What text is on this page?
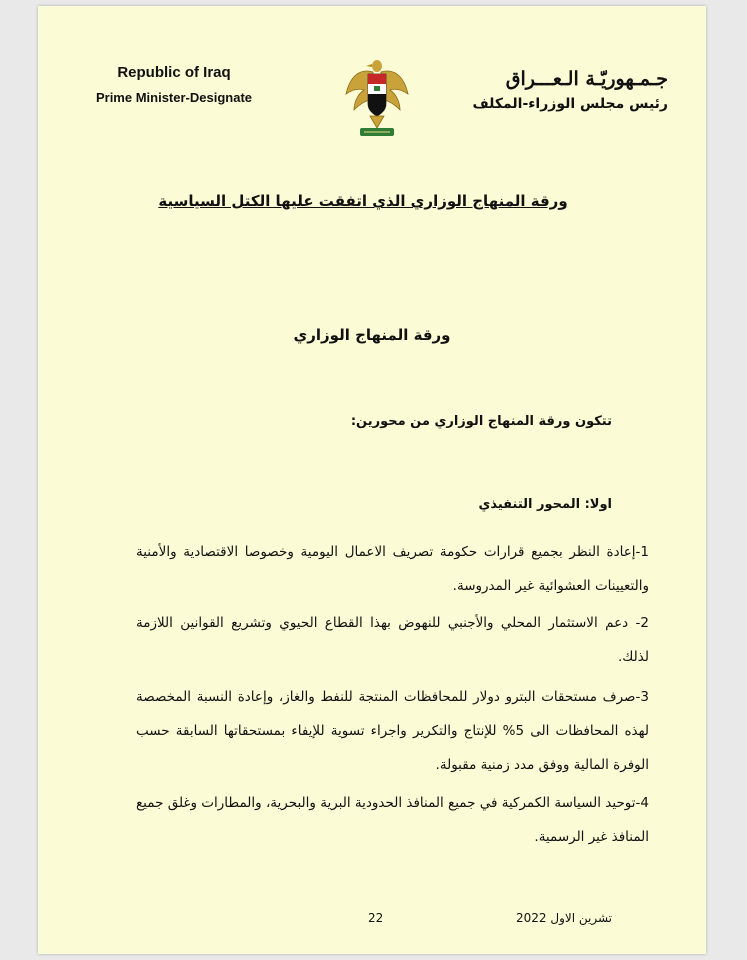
Republic of Iraq
Prime Minister-Designate
جـمـهوريّـة الـعـــراق
رئيس مجلس الوزراء-المكلف
ورقة المنهاج الوزاري الذي اتفقت عليها الكتل السياسية
ورقة المنهاج الوزاري
تتكون ورقة المنهاج الوزاري من محورين:
اولا: المحور التنفيذي
1-إعادة النظر بجميع قرارات حكومة تصريف الاعمال اليومية وخصوصا الاقتصادية والأمنية والتعيينات العشوائية غير المدروسة.
2- دعم الاستثمار المحلي والأجنبي للنهوض بهذا القطاع الحيوي وتشريع القوانين اللازمة لذلك.
3-صرف مستحقات البترو دولار للمحافظات المنتجة للنفط والغاز، وإعادة النسبة المخصصة لهذه المحافظات الى 5% للإنتاج والتكرير واجراء تسوية للإيفاء بمستحقاتها السابقة حسب الوفرة المالية ووفق مدد زمنية مقبولة.
4-توحيد السياسة الكمركية في جميع المنافذ الحدودية البرية والبحرية، والمطارات وغلق جميع المنافذ غير الرسمية.
تشرين الاول 2022
22
